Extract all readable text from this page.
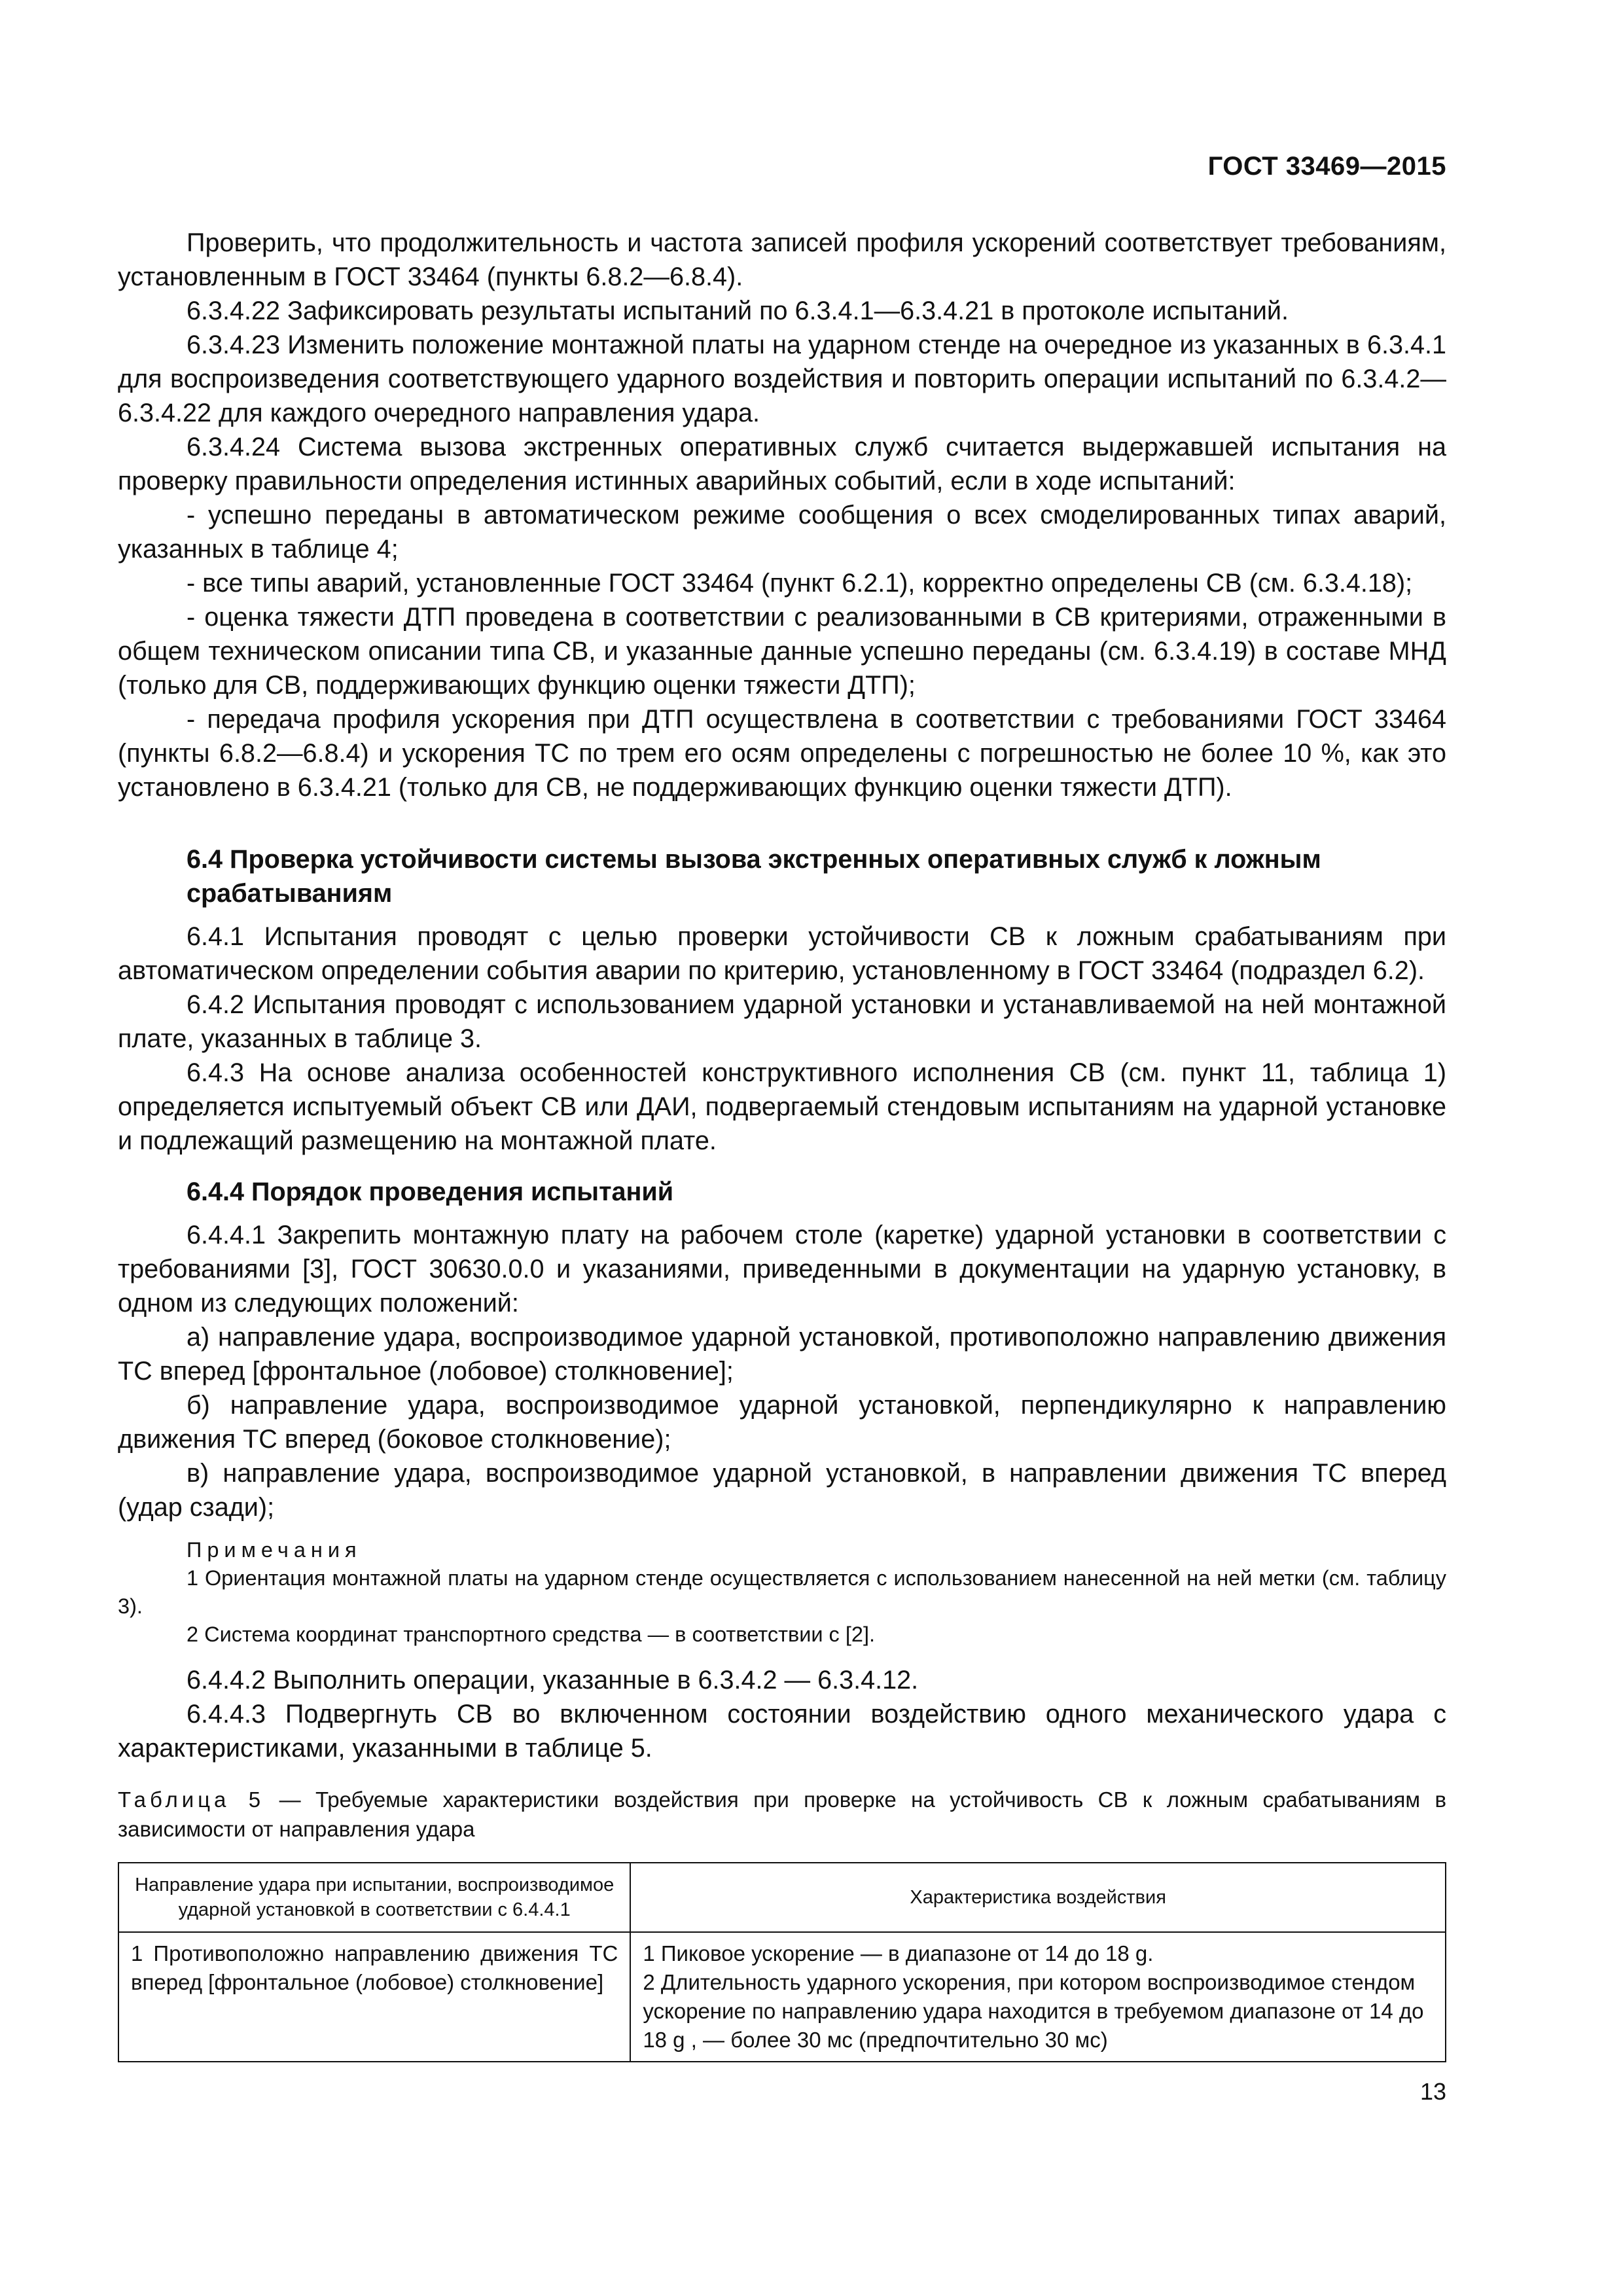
ГОСТ 33469—2015

Проверить, что продолжительность и частота записей профиля ускорений соответствует требованиям, установленным в ГОСТ 33464 (пункты 6.8.2—6.8.4).

6.3.4.22 Зафиксировать результаты испытаний по 6.3.4.1—6.3.4.21 в протоколе испытаний.

6.3.4.23 Изменить положение монтажной платы на ударном стенде на очередное из указанных в 6.3.4.1 для воспроизведения соответствующего ударного воздействия и повторить операции испытаний по 6.3.4.2—6.3.4.22 для каждого очередного направления удара.

6.3.4.24 Система вызова экстренных оперативных служб считается выдержавшей испытания на проверку правильности определения истинных аварийных событий, если в ходе испытаний:

- успешно переданы в автоматическом режиме сообщения о всех смоделированных типах аварий, указанных в таблице 4;

- все типы аварий, установленные ГОСТ 33464 (пункт 6.2.1), корректно определены СВ (см. 6.3.4.18);

- оценка тяжести ДТП проведена в соответствии с реализованными в СВ критериями, отраженными в общем техническом описании типа СВ, и указанные данные успешно переданы (см. 6.3.4.19) в составе МНД (только для СВ, поддерживающих функцию оценки тяжести ДТП);

- передача профиля ускорения при ДТП осуществлена в соответствии с требованиями ГОСТ 33464 (пункты 6.8.2—6.8.4) и ускорения ТС по трем его осям определены с погрешностью не более 10 %, как это установлено в 6.3.4.21 (только для СВ, не поддерживающих функцию оценки тяжести ДТП).

6.4 Проверка устойчивости системы вызова экстренных оперативных служб к ложным срабатываниям

6.4.1 Испытания проводят с целью проверки устойчивости СВ к ложным срабатываниям при автоматическом определении события аварии по критерию, установленному в ГОСТ 33464 (подраздел 6.2).

6.4.2 Испытания проводят с использованием ударной установки и устанавливаемой на ней монтажной плате, указанных в таблице 3.

6.4.3 На основе анализа особенностей конструктивного исполнения СВ (см. пункт 11, таблица 1) определяется испытуемый объект СВ или ДАИ, подвергаемый стендовым испытаниям на ударной установке и подлежащий размещению на монтажной плате.

6.4.4 Порядок проведения испытаний

6.4.4.1 Закрепить монтажную плату на рабочем столе (каретке) ударной установки в соответствии с требованиями [3], ГОСТ 30630.0.0 и указаниями, приведенными в документации на ударную установку, в одном из следующих положений:

а) направление удара, воспроизводимое ударной установкой, противоположно направлению движения ТС вперед [фронтальное (лобовое) столкновение];

б) направление удара, воспроизводимое ударной установкой, перпендикулярно к направлению движения ТС вперед (боковое столкновение);

в) направление удара, воспроизводимое ударной установкой, в направлении движения ТС вперед (удар сзади);

Примечания

1 Ориентация монтажной платы на ударном стенде осуществляется с использованием нанесенной на ней метки (см. таблицу 3).

2 Система координат транспортного средства — в соответствии с [2].

6.4.4.2 Выполнить операции, указанные в 6.3.4.2 — 6.3.4.12.

6.4.4.3 Подвергнуть СВ во включенном состоянии воздействию одного механического удара с характеристиками, указанными в таблице 5.

Таблица 5 — Требуемые характеристики воздействия при проверке на устойчивость СВ к ложным срабатываниям в зависимости от направления удара
Направление удара при испытании, воспроизводимое ударной установкой в соответствии с 6.4.4.1	Характеристика воздействия
1 Противоположно направлению движения ТС вперед [фронтальное (лобовое) столкновение]	1 Пиковое ускорение — в диапазоне от 14 до 18 g.

2 Длительность ударного ускорения, при котором воспроизводимое стендом ускорение по направлению удара находится в требуемом диапазоне от 14 до 18 g , — более 30 мс (предпочтительно 30 мс)

13
